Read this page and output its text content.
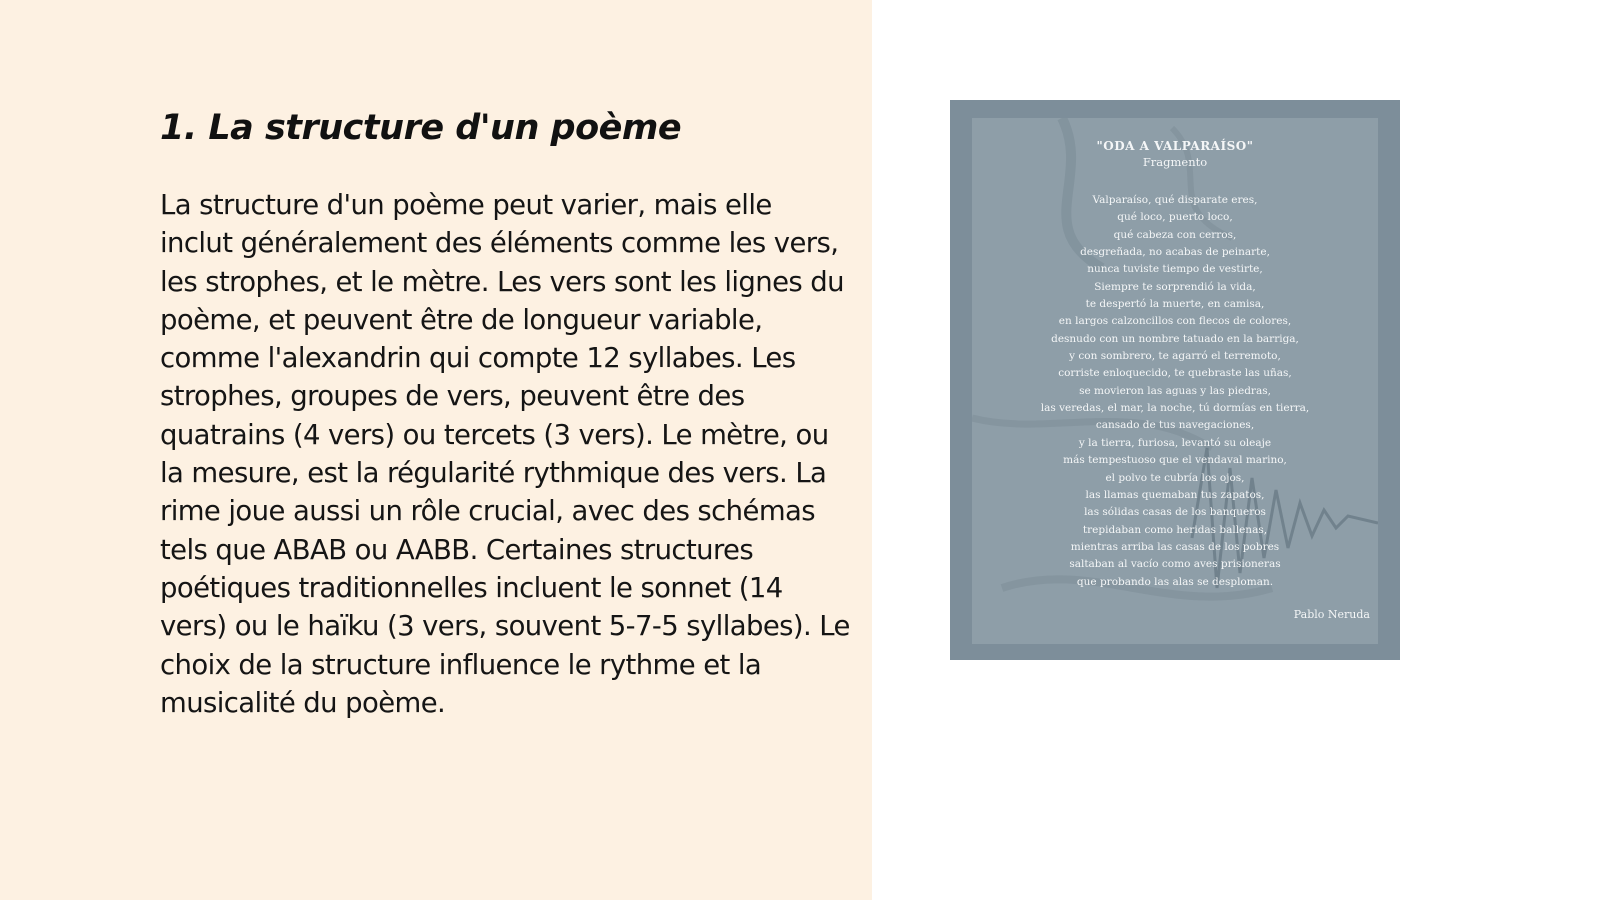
1. La structure d'un poème

La structure d'un poème peut varier, mais elle inclut généralement des éléments comme les vers, les strophes, et le mètre. Les vers sont les lignes du poème, et peuvent être de longueur variable, comme l'alexandrin qui compte 12 syllabes. Les strophes, groupes de vers, peuvent être des quatrains (4 vers) ou tercets (3 vers). Le mètre, ou la mesure, est la régularité rythmique des vers. La rime joue aussi un rôle crucial, avec des schémas tels que ABAB ou AABB. Certaines structures poétiques traditionnelles incluent le sonnet (14 vers) ou le haïku (3 vers, souvent 5-7-5 syllabes). Le choix de la structure influence le rythme et la musicalité du poème.

"ODA A VALPARAÍSO"
Fragmento
Valparaíso, qué disparate eres,
qué loco, puerto loco,
qué cabeza con cerros,
desgreñada, no acabas de peinarte,
nunca tuviste tiempo de vestirte,
Siempre te sorprendió la vida,
te despertó la muerte, en camisa,
en largos calzoncillos con flecos de colores,
desnudo con un nombre tatuado en la barriga,
y con sombrero, te agarró el terremoto,
corriste enloquecido, te quebraste las uñas,
se movieron las aguas y las piedras,
las veredas, el mar, la noche, tú dormías en tierra,
cansado de tus navegaciones,
y la tierra, furiosa, levantó su oleaje
más tempestuoso que el vendaval marino,
el polvo te cubría los ojos,
las llamas quemaban tus zapatos,
las sólidas casas de los banqueros
trepidaban como heridas ballenas,
mientras arriba las casas de los pobres
saltaban al vacío como aves prisioneras
que probando las alas se desploman.
Pablo Neruda
